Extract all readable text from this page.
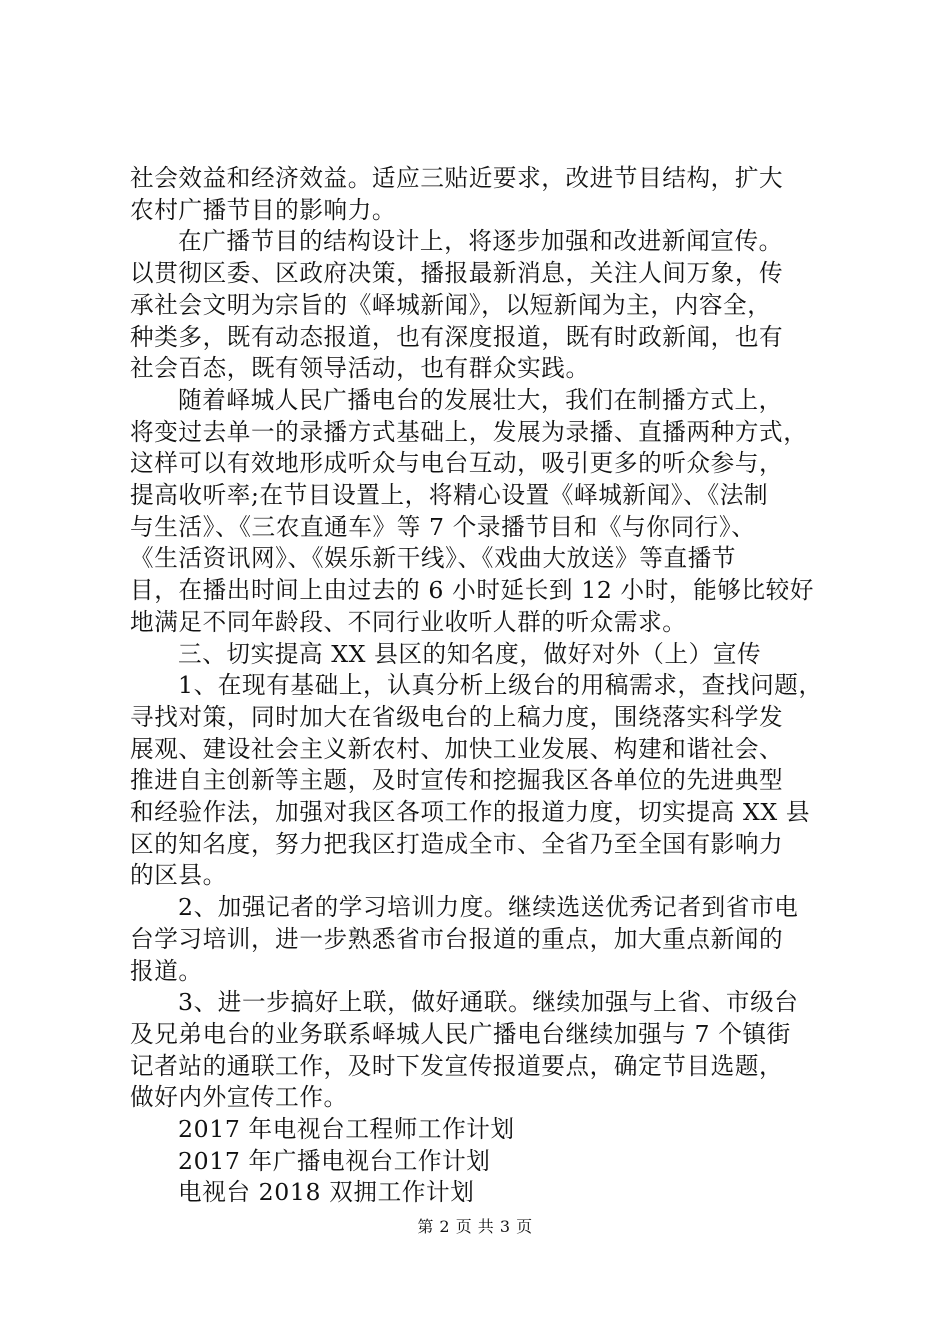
社会效益和经济效益。适应三贴近要求，改进节目结构，扩大
农村广播节目的影响力。
在广播节目的结构设计上，将逐步加强和改进新闻宣传。
以贯彻区委、区政府决策，播报最新消息，关注人间万象，传
承社会文明为宗旨的《峄城新闻》，以短新闻为主，内容全，
种类多，既有动态报道，也有深度报道，既有时政新闻，也有
社会百态，既有领导活动，也有群众实践。
随着峄城人民广播电台的发展壮大，我们在制播方式上，
将变过去单一的录播方式基础上，发展为录播、直播两种方式，
这样可以有效地形成听众与电台互动，吸引更多的听众参与，
提高收听率;在节目设置上，将精心设置《峄城新闻》、《法制
与生活》、《三农直通车》等 7 个录播节目和《与你同行》、
《生活资讯网》、《娱乐新干线》、《戏曲大放送》等直播节
目，在播出时间上由过去的 6 小时延长到 12 小时，能够比较好
地满足不同年龄段、不同行业收听人群的听众需求。
三、切实提高 XX 县区的知名度，做好对外（上）宣传
1、在现有基础上，认真分析上级台的用稿需求，查找问题，
寻找对策，同时加大在省级电台的上稿力度，围绕落实科学发
展观、建设社会主义新农村、加快工业发展、构建和谐社会、
推进自主创新等主题，及时宣传和挖掘我区各单位的先进典型
和经验作法，加强对我区各项工作的报道力度，切实提高 XX 县
区的知名度，努力把我区打造成全市、全省乃至全国有影响力
的区县。
2、加强记者的学习培训力度。继续选送优秀记者到省市电
台学习培训，进一步熟悉省市台报道的重点，加大重点新闻的
报道。
3、进一步搞好上联，做好通联。继续加强与上省、市级台
及兄弟电台的业务联系峄城人民广播电台继续加强与 7 个镇街
记者站的通联工作，及时下发宣传报道要点，确定节目选题，
做好内外宣传工作。
2017 年电视台工程师工作计划
2017 年广播电视台工作计划
电视台 2018 双拥工作计划
第 2 页 共 3 页
